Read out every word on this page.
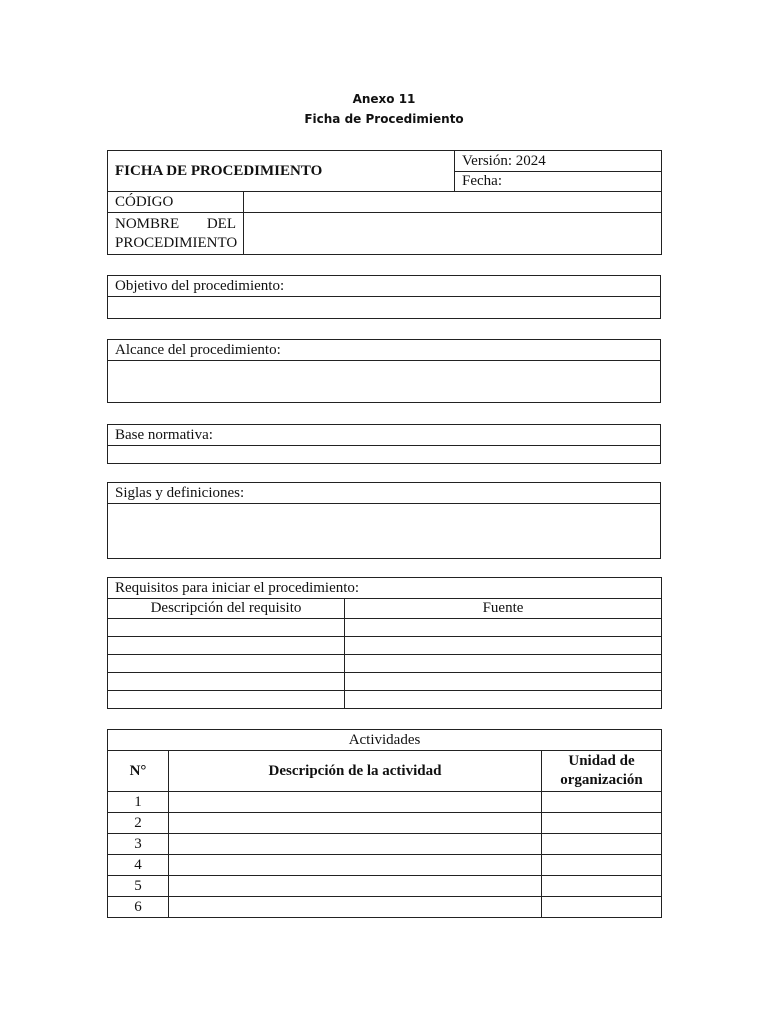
Anexo 11
Ficha de Procedimiento
FICHA DE PROCEDIMIENTO		Versión: 2024
		Fecha:
CÓDIGO		

NOMBRE DEL
PROCEDIMIENTO		

Objetivo del procedimiento:

Alcance del procedimiento:

Base normativa:

Siglas y definiciones:

Requisitos para iniciar el procedimiento:	
Descripción del requisito	Fuente

Actividades		
N°	Descripción de la actividad	Unidad de
organización

1		
2		
3		
4		
5		
6		
